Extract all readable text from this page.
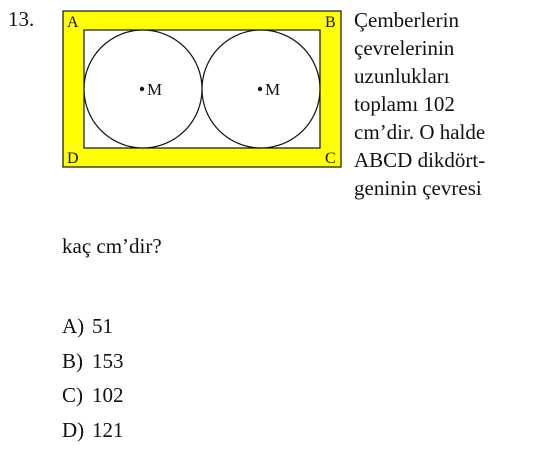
13.
M	M
A	B
C
D
Çemberlerin
çevrelerinin
uzunlukları
toplamı 102
cm’dir. O halde
ABCD dikdört-
geninin çevresi
kaç cm’dir?
A) 51
B) 153
C) 102
D) 121
